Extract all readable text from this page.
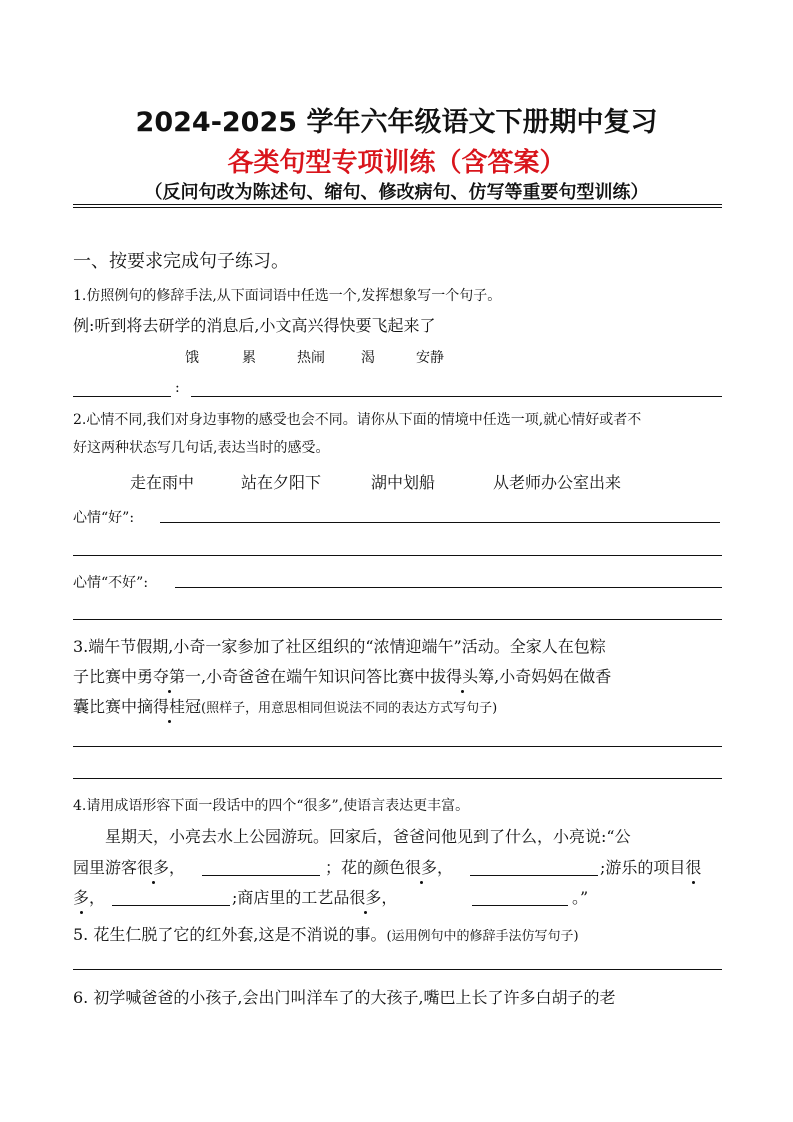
2024-2025 学年六年级语文下册期中复习
各类句型专项训练（含答案）
（反问句改为陈述句、缩句、修改病句、仿写等重要句型训练）
一、按要求完成句子练习。
1.仿照例句的修辞手法,从下面词语中任选一个,发挥想象写一个句子。
例:听到将去研学的消息后,小文高兴得快要飞起来了
饿	累	热闹	渴	安静
:
2.心情不同,我们对身边事物的感受也会不同。请你从下面的情境中任选一项,就心情好或者不
好这两种状态写几句话,表达当时的感受。
走在雨中	站在夕阳下	湖中划船	从老师办公室出来
心情“好”:
心情“不好”:
3.端午节假期,小奇一家参加了社区组织的“浓情迎端午”活动。全家人在包粽
子比赛中勇夺第一,小奇爸爸在端午知识问答比赛中拔得头筹,小奇妈妈在做香
囊比赛中摘得桂冠(照样子，用意思相同但说法不同的表达方式写句子)
4.请用成语形容下面一段话中的四个“很多”,使语言表达更丰富。
星期天，小亮去水上公园游玩。回家后，爸爸问他见到了什么，小亮说:“公
园里游客很多，	；花的颜色很多，	;游乐的项目很
多，	;商店里的工艺品很多，	。”
5. 花生仁脱了它的红外套,这是不消说的事。(运用例句中的修辞手法仿写句子)
6. 初学喊爸爸的小孩子,会出门叫洋车了的大孩子,嘴巴上长了许多白胡子的老
